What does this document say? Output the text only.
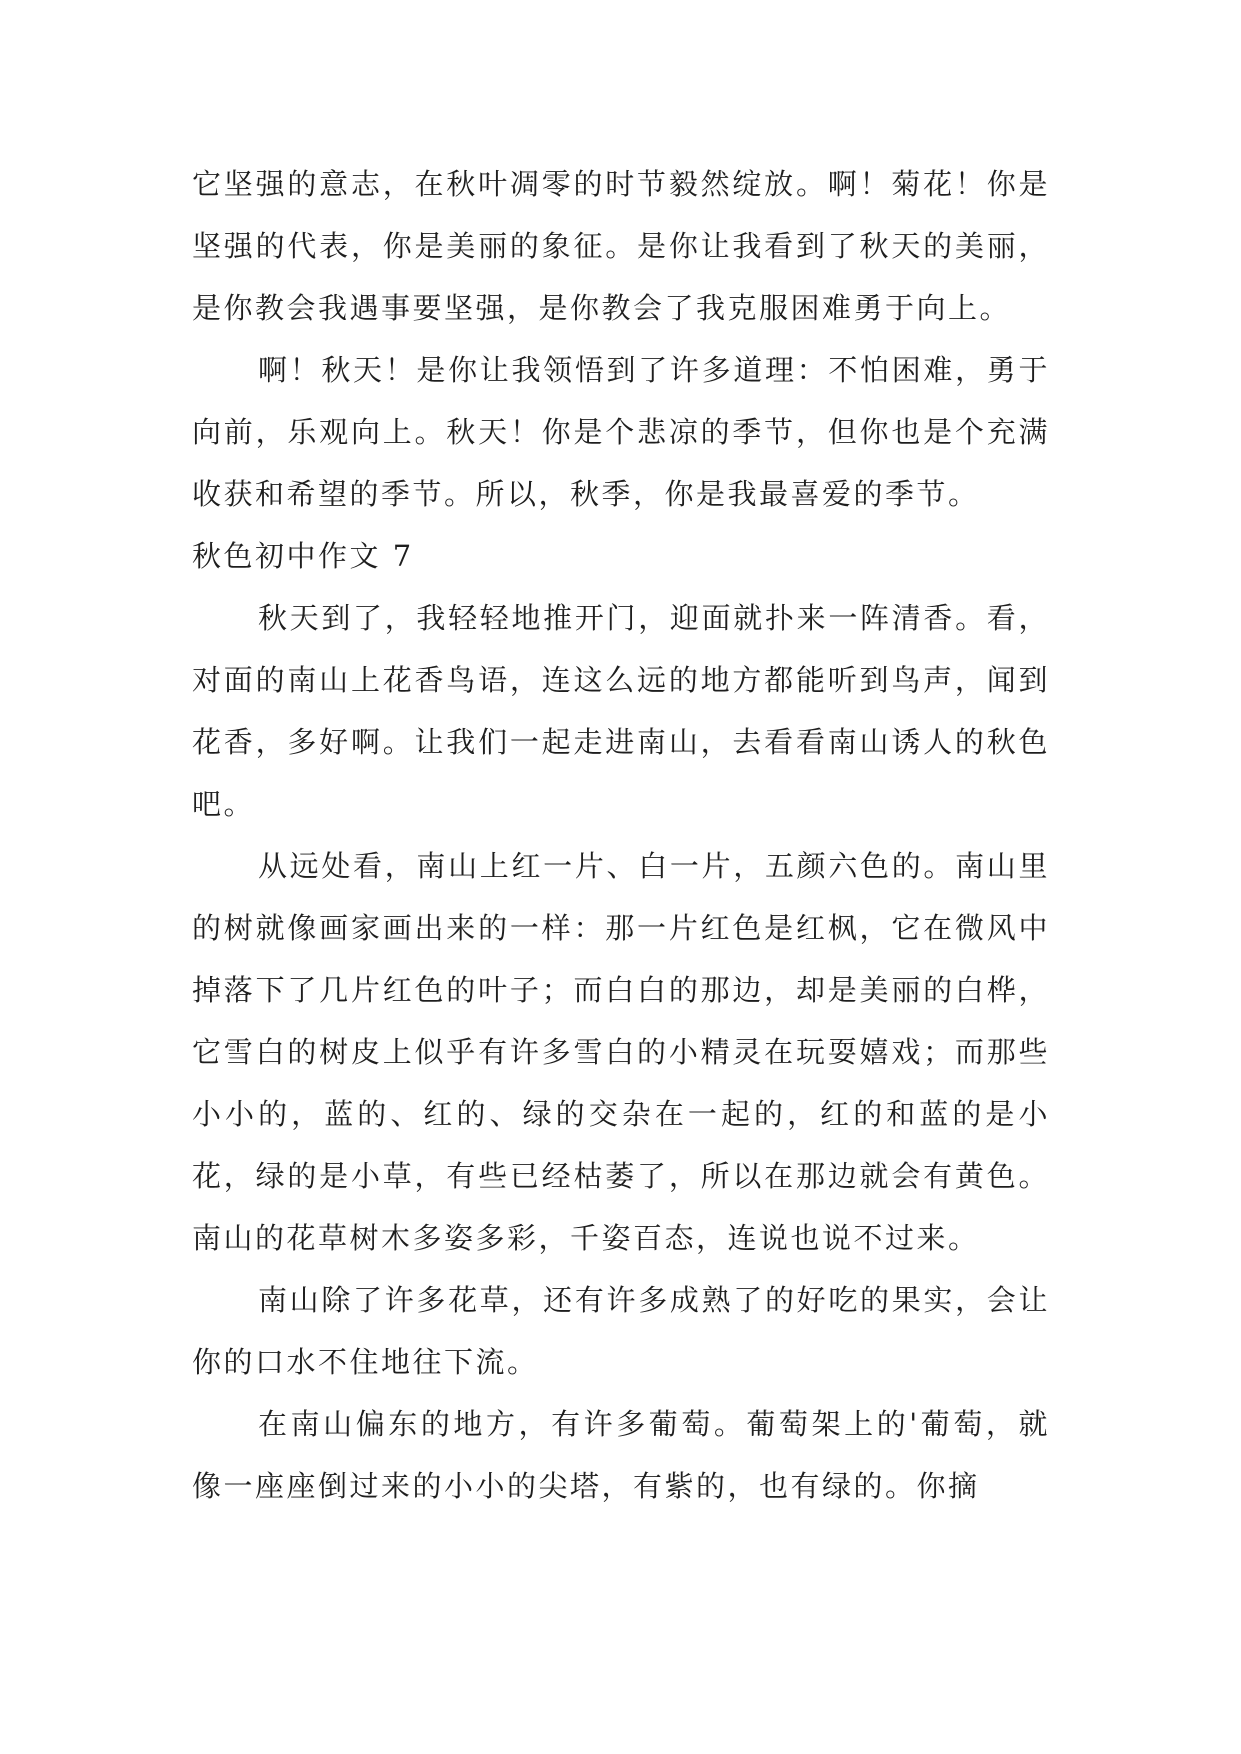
它坚强的意志，在秋叶凋零的时节毅然绽放。啊！菊花！你是坚强的代表，你是美丽的象征。是你让我看到了秋天的美丽，是你教会我遇事要坚强，是你教会了我克服困难勇于向上。

啊！秋天！是你让我领悟到了许多道理：不怕困难，勇于向前，乐观向上。秋天！你是个悲凉的季节，但你也是个充满收获和希望的季节。所以，秋季，你是我最喜爱的季节。

秋色初中作文 7

秋天到了，我轻轻地推开门，迎面就扑来一阵清香。看，对面的南山上花香鸟语，连这么远的地方都能听到鸟声，闻到花香，多好啊。让我们一起走进南山，去看看南山诱人的秋色吧。

从远处看，南山上红一片、白一片，五颜六色的。南山里的树就像画家画出来的一样：那一片红色是红枫，它在微风中掉落下了几片红色的叶子；而白白的那边，却是美丽的白桦，它雪白的树皮上似乎有许多雪白的小精灵在玩耍嬉戏；而那些小小的，蓝的、红的、绿的交杂在一起的，红的和蓝的是小花，绿的是小草，有些已经枯萎了，所以在那边就会有黄色。南山的花草树木多姿多彩，千姿百态，连说也说不过来。

南山除了许多花草，还有许多成熟了的好吃的果实，会让你的口水不住地往下流。

在南山偏东的地方，有许多葡萄。葡萄架上的'葡萄，就像一座座倒过来的小小的尖塔，有紫的，也有绿的。你摘
